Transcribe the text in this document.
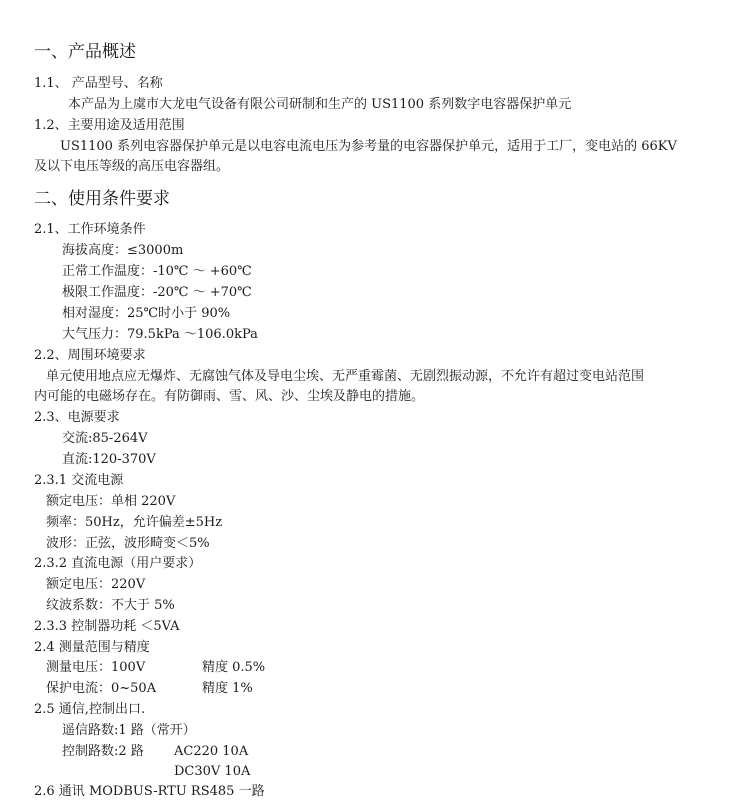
一、产品概述
1.1、 产品型号、名称
本产品为上虞市大龙电气设备有限公司研制和生产的 US1100 系列数字电容器保护单元
1.2、主要用途及适用范围
US1100 系列电容器保护单元是以电容电流电压为参考量的电容器保护单元，适用于工厂，变电站的 66KV
及以下电压等级的高压电容器组。
二、使用条件要求
2.1、工作环境条件
海拔高度：≤3000m
正常工作温度：-10℃ ～ +60℃
极限工作温度：-20℃ ～ +70℃
相对湿度：25℃时小于 90%
大气压力：79.5kPa ～106.0kPa
2.2、周围环境要求
单元使用地点应无爆炸、无腐蚀气体及导电尘埃、无严重霉菌、无剧烈振动源，不允许有超过变电站范围
内可能的电磁场存在。有防御雨、雪、风、沙、尘埃及静电的措施。
2.3、电源要求
交流:85-264V
直流:120-370V
2.3.1 交流电源
额定电压：单相 220V
频率：50Hz，允许偏差±5Hz
波形：正弦，波形畸变＜5%
2.3.2 直流电源（用户要求）
额定电压：220V
纹波系数：不大于 5%
2.3.3 控制器功耗 ＜5VA
2.4 测量范围与精度
测量电压：100V	精度 0.5%
保护电流：0~50A	精度 1%
2.5 通信,控制出口.
遥信路数:1 路（常开）
控制路数:2 路 AC220 10A
DC30V 10A
2.6 通讯 MODBUS-RTU RS485 一路
